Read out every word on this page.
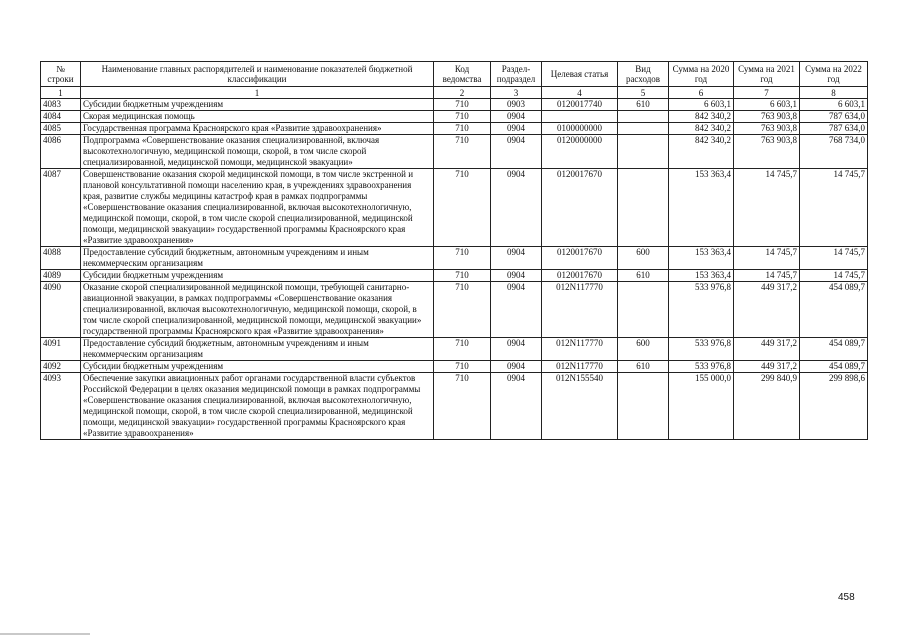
№ строки	Наименование главных распорядителей и наименование показателей бюджетной классификации	Код ведомства	Раздел-подраздел	Целевая статья	Вид расходов	Сумма на 2020 год	Сумма на 2021 год	Сумма на 2022 год
1	1	2	3	4	5	6	7	8
4083	Субсидии бюджетным учреждениям	710	0903	0120017740	610	6 603,1	6 603,1	6 603,1
4084	Скорая медицинская помощь	710	0904			842 340,2	763 903,8	787 634,0
4085	Государственная программа Красноярского края «Развитие здравоохранения»	710	0904	0100000000		842 340,2	763 903,8	787 634,0
4086	Подпрограмма «Совершенствование оказания специализированной, включая высокотехнологичную, медицинской помощи, скорой, в том числе скорой специализированной, медицинской помощи, медицинской эвакуации»	710	0904	0120000000		842 340,2	763 903,8	768 734,0
4087	Совершенствование оказания скорой медицинской помощи, в том числе экстренной и плановой консультативной помощи населению края, в учреждениях здравоохранения края, развитие службы медицины катастроф края в рамках подпрограммы «Совершенствование оказания специализированной, включая высокотехнологичную, медицинской помощи, скорой, в том числе скорой специализированной, медицинской помощи, медицинской эвакуации» государственной программы Красноярского края «Развитие здравоохранения»	710	0904	0120017670		153 363,4	14 745,7	14 745,7
4088	Предоставление субсидий бюджетным, автономным учреждениям и иным некоммерческим организациям	710	0904	0120017670	600	153 363,4	14 745,7	14 745,7
4089	Субсидии бюджетным учреждениям	710	0904	0120017670	610	153 363,4	14 745,7	14 745,7
4090	Оказание скорой специализированной медицинской помощи, требующей санитарно-авиационной эвакуации, в рамках подпрограммы «Совершенствование оказания специализированной, включая высокотехнологичную, медицинской помощи, скорой, в том числе скорой специализированной, медицинской помощи, медицинской эвакуации» государственной программы Красноярского края «Развитие здравоохранения»	710	0904	012N117770		533 976,8	449 317,2	454 089,7
4091	Предоставление субсидий бюджетным, автономным учреждениям и иным некоммерческим организациям	710	0904	012N117770	600	533 976,8	449 317,2	454 089,7
4092	Субсидии бюджетным учреждениям	710	0904	012N117770	610	533 976,8	449 317,2	454 089,7
4093	Обеспечение закупки авиационных работ органами государственной власти субъектов Российской Федерации в целях оказания медицинской помощи в рамках подпрограммы «Совершенствование оказания специализированной, включая высокотехнологичную, медицинской помощи, скорой, в том числе скорой специализированной, медицинской помощи, медицинской эвакуации» государственной программы Красноярского края «Развитие здравоохранения»	710	0904	012N155540		155 000,0	299 840,9	299 898,6
458
